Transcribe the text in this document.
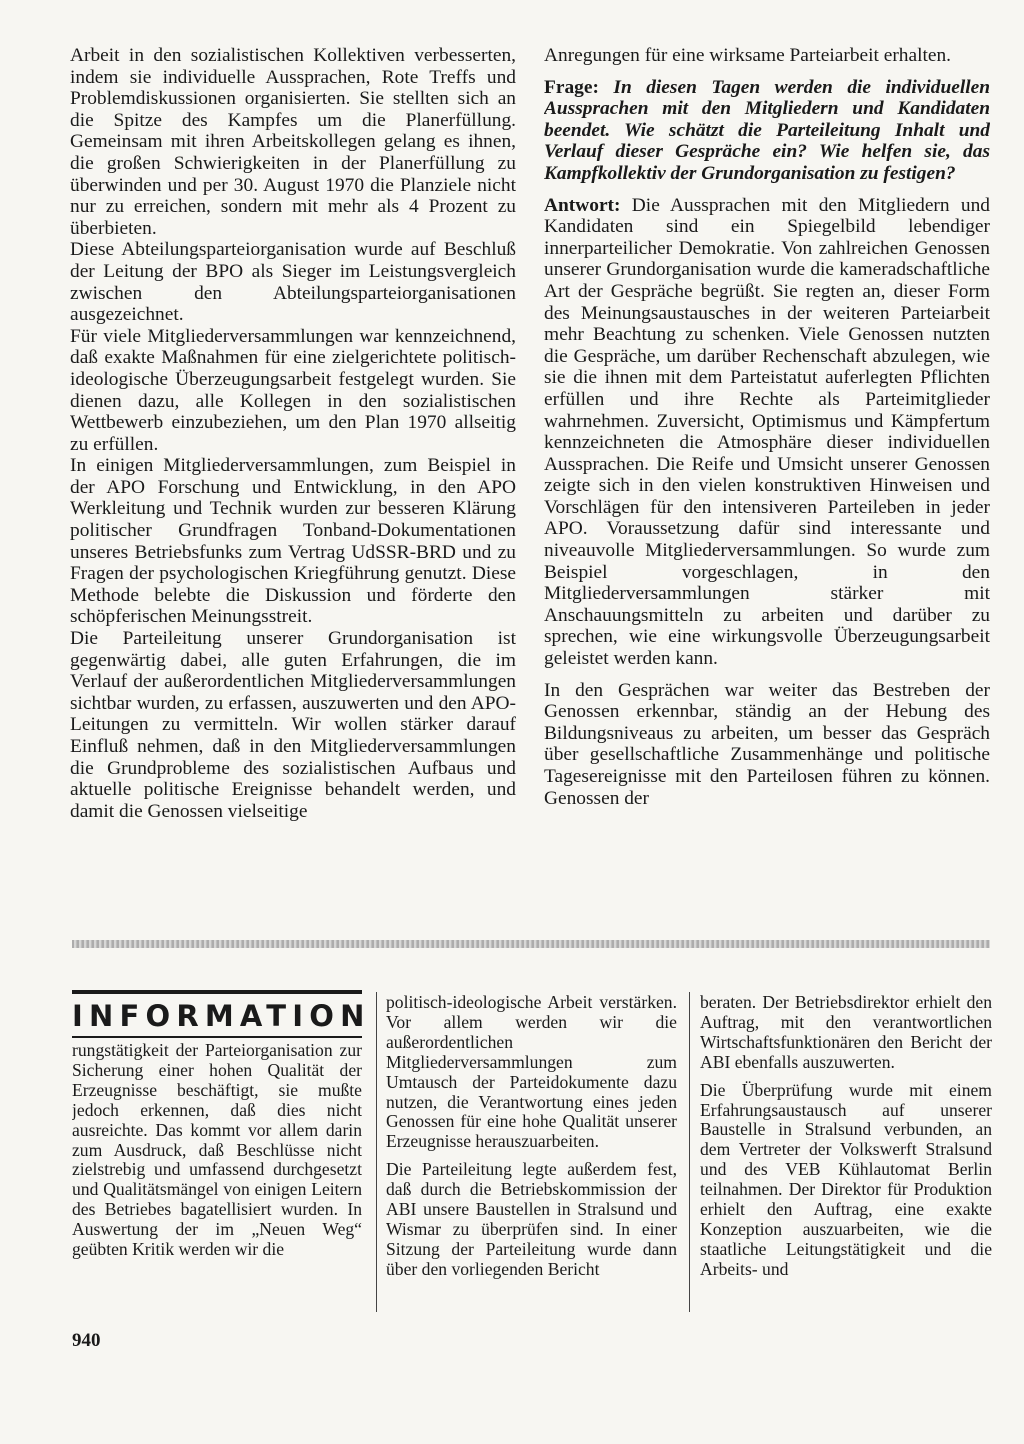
Arbeit in den sozialistischen Kollektiven verbesserten, indem sie individuelle Aussprachen, Rote Treffs und Problemdiskussionen organisierten. Sie stellten sich an die Spitze des Kampfes um die Planerfüllung. Gemeinsam mit ihren Arbeitskollegen gelang es ihnen, die großen Schwierigkeiten in der Planerfüllung zu überwinden und per 30. August 1970 die Planziele nicht nur zu erreichen, sondern mit mehr als 4 Prozent zu überbieten.

Diese Abteilungsparteiorganisation wurde auf Beschluß der Leitung der BPO als Sieger im Leistungsvergleich zwischen den Abteilungsparteiorganisationen ausgezeichnet.

Für viele Mitgliederversammlungen war kennzeichnend, daß exakte Maßnahmen für eine zielgerichtete politisch-ideologische Überzeugungsarbeit festgelegt wurden. Sie dienen dazu, alle Kollegen in den sozialistischen Wettbewerb einzubeziehen, um den Plan 1970 allseitig zu erfüllen.

In einigen Mitgliederversammlungen, zum Beispiel in der APO Forschung und Entwicklung, in den APO Werkleitung und Technik wurden zur besseren Klärung politischer Grundfragen Tonband-Dokumentationen unseres Betriebsfunks zum Vertrag UdSSR-BRD und zu Fragen der psychologischen Kriegführung genutzt. Diese Methode belebte die Diskussion und förderte den schöpferischen Meinungsstreit.

Die Parteileitung unserer Grundorganisation ist gegenwärtig dabei, alle guten Erfahrungen, die im Verlauf der außerordentlichen Mitgliederversammlungen sichtbar wurden, zu erfassen, auszuwerten und den APO-Leitungen zu vermitteln. Wir wollen stärker darauf Einfluß nehmen, daß in den Mitgliederversammlungen die Grundprobleme des sozialistischen Aufbaus und aktuelle politische Ereignisse behandelt werden, und damit die Genossen vielseitige

Anregungen für eine wirksame Parteiarbeit erhalten.

Frage: In diesen Tagen werden die individuellen Aussprachen mit den Mitgliedern und Kandidaten beendet. Wie schätzt die Parteileitung Inhalt und Verlauf dieser Gespräche ein? Wie helfen sie, das Kampfkollektiv der Grundorganisation zu festigen?

Antwort: Die Aussprachen mit den Mitgliedern und Kandidaten sind ein Spiegelbild lebendiger innerparteilicher Demokratie. Von zahlreichen Genossen unserer Grundorganisation wurde die kameradschaftliche Art der Gespräche begrüßt. Sie regten an, dieser Form des Meinungsaustausches in der weiteren Parteiarbeit mehr Beachtung zu schenken. Viele Genossen nutzten die Gespräche, um darüber Rechenschaft abzulegen, wie sie die ihnen mit dem Parteistatut auferlegten Pflichten erfüllen und ihre Rechte als Parteimitglieder wahrnehmen. Zuversicht, Optimismus und Kämpfertum kennzeichneten die Atmosphäre dieser individuellen Aussprachen. Die Reife und Umsicht unserer Genossen zeigte sich in den vielen konstruktiven Hinweisen und Vorschlägen für den intensiveren Parteileben in jeder APO. Voraussetzung dafür sind interessante und niveauvolle Mitgliederversammlungen. So wurde zum Beispiel vorgeschlagen, in den Mitgliederversammlungen stärker mit Anschauungsmitteln zu arbeiten und darüber zu sprechen, wie eine wirkungsvolle Überzeugungsarbeit geleistet werden kann.

In den Gesprächen war weiter das Bestreben der Genossen erkennbar, ständig an der Hebung des Bildungsniveaus zu arbeiten, um besser das Gespräch über gesellschaftliche Zusammenhänge und politische Tagesereignisse mit den Parteilosen führen zu können. Genossen der

INFORMATION

rungstätigkeit der Parteiorganisation zur Sicherung einer hohen Qualität der Erzeugnisse beschäftigt, sie mußte jedoch erkennen, daß dies nicht ausreichte. Das kommt vor allem darin zum Ausdruck, daß Beschlüsse nicht zielstrebig und umfassend durchgesetzt und Qualitätsmängel von einigen Leitern des Betriebes bagatellisiert wurden. In Auswertung der im „Neuen Weg“ geübten Kritik werden wir die

politisch-ideologische Arbeit verstärken. Vor allem werden wir die außerordentlichen Mitgliederversammlungen zum Umtausch der Parteidokumente dazu nutzen, die Verantwortung eines jeden Genossen für eine hohe Qualität unserer Erzeugnisse herauszuarbeiten.

Die Parteileitung legte außerdem fest, daß durch die Betriebskommission der ABI unsere Baustellen in Stralsund und Wismar zu überprüfen sind. In einer Sitzung der Parteileitung wurde dann über den vorliegenden Bericht

beraten. Der Betriebsdirektor erhielt den Auftrag, mit den verantwortlichen Wirtschaftsfunktionären den Bericht der ABI ebenfalls auszuwerten.

Die Überprüfung wurde mit einem Erfahrungsaustausch auf unserer Baustelle in Stralsund verbunden, an dem Vertreter der Volkswerft Stralsund und des VEB Kühlautomat Berlin teilnahmen. Der Direktor für Produktion erhielt den Auftrag, eine exakte Konzeption auszuarbeiten, wie die staatliche Leitungstätigkeit und die Arbeits- und

940
